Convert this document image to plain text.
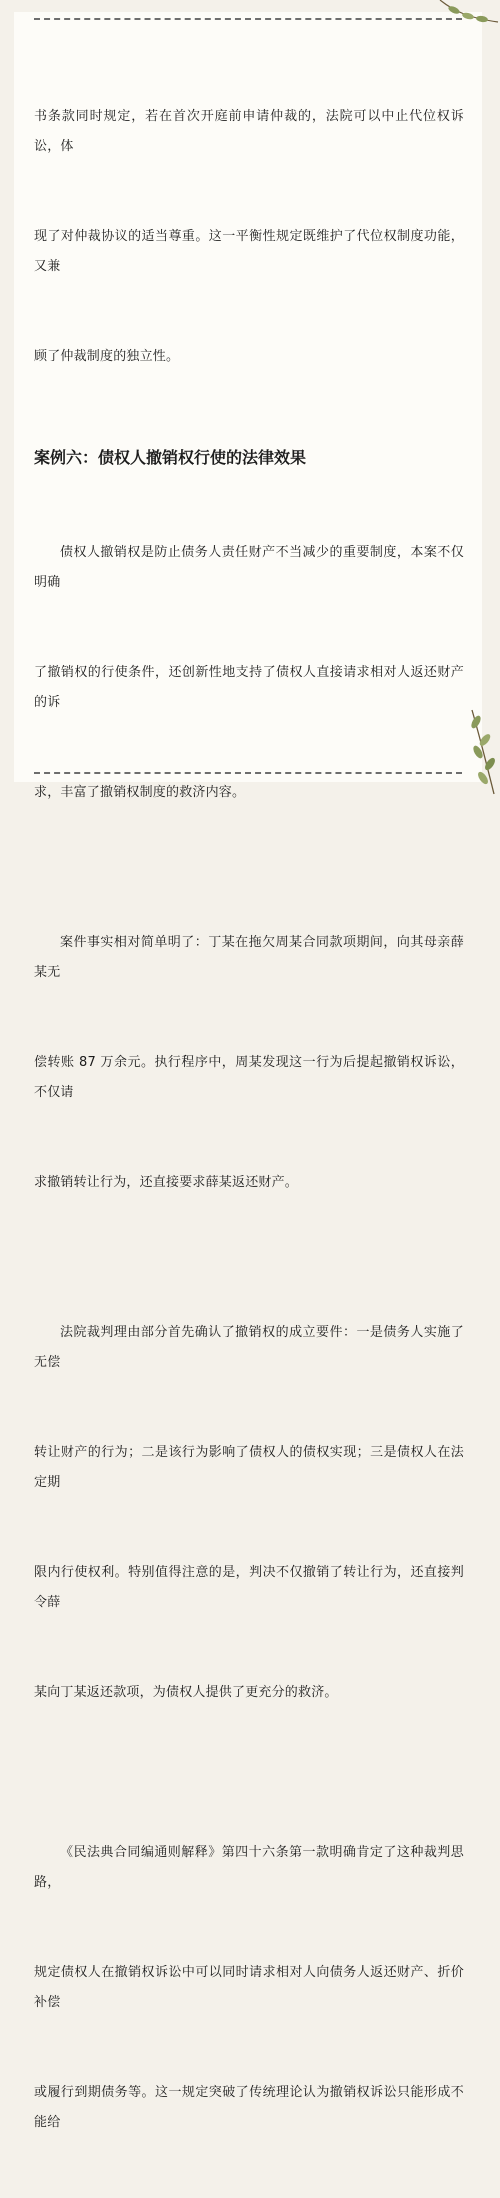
书条款同时规定，若在首次开庭前申请仲裁的，法院可以中止代位权诉讼，体

现了对仲裁协议的适当尊重。这一平衡性规定既维护了代位权制度功能，又兼

顾了仲裁制度的独立性。

案例六：债权人撤销权行使的法律效果

债权人撤销权是防止债务人责任财产不当减少的重要制度，本案不仅明确

了撤销权的行使条件，还创新性地支持了债权人直接请求相对人返还财产的诉

求，丰富了撤销权制度的救济内容。

案件事实相对简单明了：丁某在拖欠周某合同款项期间，向其母亲薛某无

偿转账 87 万余元。执行程序中，周某发现这一行为后提起撤销权诉讼，不仅请

求撤销转让行为，还直接要求薛某返还财产。

法院裁判理由部分首先确认了撤销权的成立要件：一是债务人实施了无偿

转让财产的行为；二是该行为影响了债权人的债权实现；三是债权人在法定期

限内行使权利。特别值得注意的是，判决不仅撤销了转让行为，还直接判令薛

某向丁某返还款项，为债权人提供了更充分的救济。

《民法典合同编通则解释》第四十六条第一款明确肯定了这种裁判思路，

规定债权人在撤销权诉讼中可以同时请求相对人向债务人返还财产、折价补偿

或履行到期债务等。这一规定突破了传统理论认为撤销权诉讼只能形成不能给
